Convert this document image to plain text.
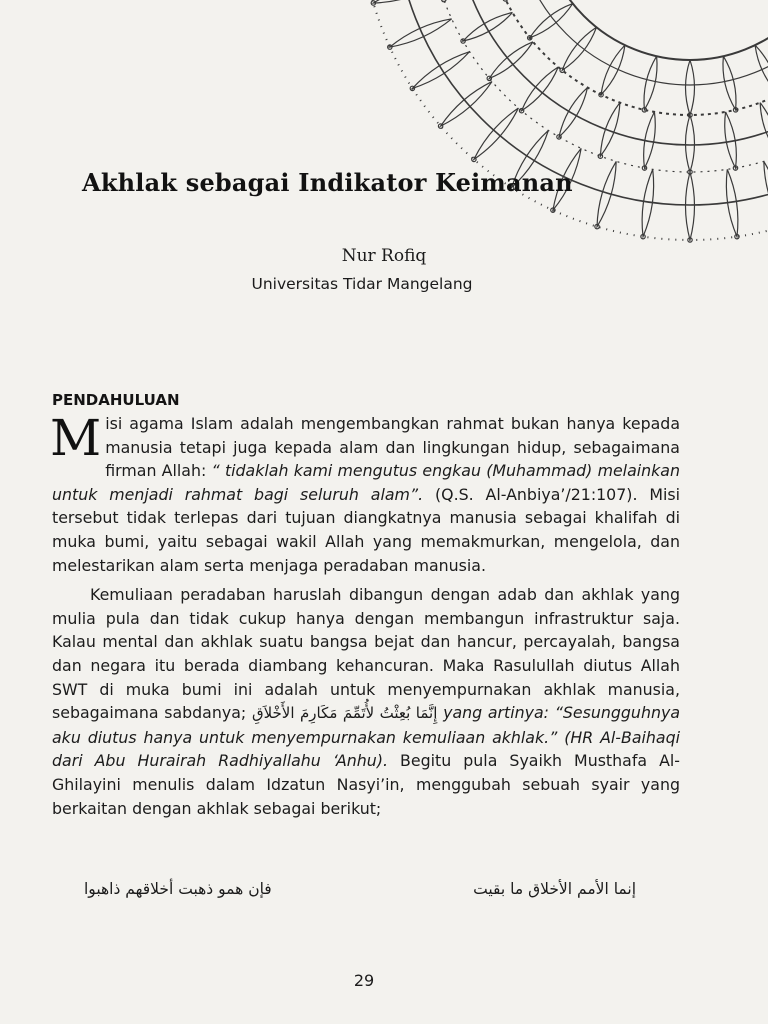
Akhlak sebagai Indikator Keimanan
Nur Rofiq
Universitas Tidar Mangelang
PENDAHULUAN

Misi agama Islam adalah mengembangkan rahmat bukan hanya kepada manusia tetapi juga kepada alam dan lingkungan hidup, sebagaimana firman Allah: “ tidaklah kami mengutus engkau (Muhammad) melainkan untuk menjadi rahmat bagi seluruh alam”. (Q.S. Al-Anbiya’/21:107). Misi tersebut tidak terlepas dari tujuan diangkatnya manusia sebagai khalifah di muka bumi, yaitu sebagai wakil Allah yang memakmurkan, mengelola, dan melestarikan alam serta menjaga peradaban manusia.

Kemuliaan peradaban haruslah dibangun dengan adab dan akhlak yang mulia pula dan tidak cukup hanya dengan membangun infrastruktur saja. Kalau mental dan akhlak suatu bangsa bejat dan hancur, percayalah, bangsa dan negara itu berada diambang kehancuran. Maka Rasulullah diutus Allah SWT di muka bumi ini adalah untuk menyempurnakan akhlak manusia, sebagaimana sabdanya; إِنَّمَا بُعِثْتُ لأُتَمِّمَ مَكَارِمَ الأَخْلاَقِ yang artinya: “Sesungguhnya aku diutus hanya untuk menyempurnakan kemuliaan akhlak.” (HR Al-Baihaqi dari Abu Hurairah Radhiyallahu ‘Anhu). Begitu pula Syaikh Musthafa Al-Ghilayini menulis dalam Idzatun Nasyi’in, menggubah sebuah syair yang berkaitan dengan akhlak sebagai berikut;

فإن همو ذهبت أخلاقهم ذاهبوا	إنما الأمم الأخلاق ما بقيت
29
